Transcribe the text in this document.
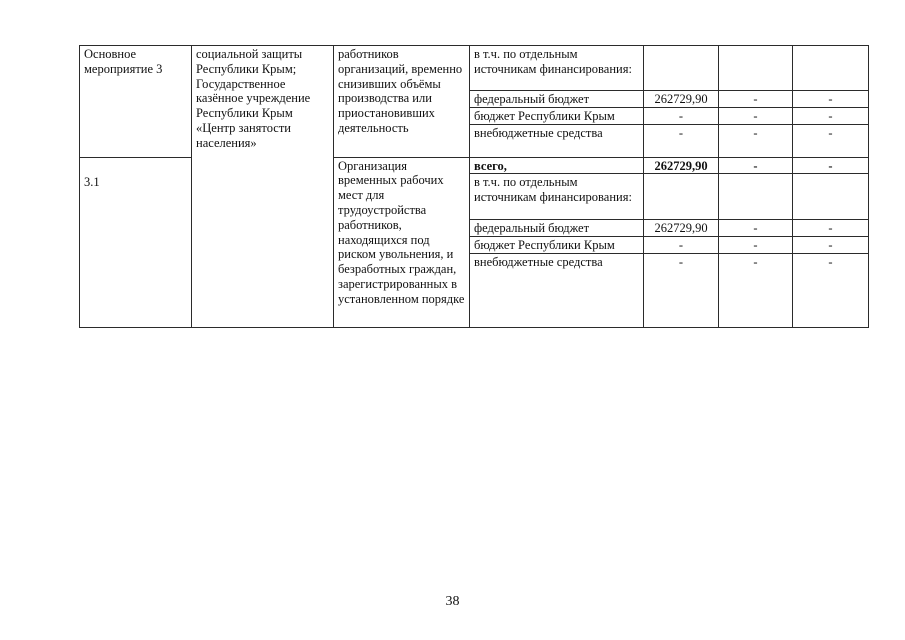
Основное мероприятие 3	социальной защиты Республики Крым; Государственное казённое учреждение Республики Крым «Центр занятости населения»	работников организаций, временно снизивших объёмы производства или приостановивших деятельность	в т.ч. по отдельным источникам финансирования:			
			федеральный бюджет	262729,90	-	-
			бюджет Республики Крым	-	-	-
			внебюджетные средства	-	-	-
3.1		Организация временных рабочих мест для трудоустройства работников, находящихся под риском увольнения, и безработных граждан, зарегистрированных в установленном порядке	всего,	262729,90	-	-
			в т.ч. по отдельным источникам финансирования:			
			федеральный бюджет	262729,90	-	-
			бюджет Республики Крым	-	-	-
			внебюджетные средства	-	-	-
38
